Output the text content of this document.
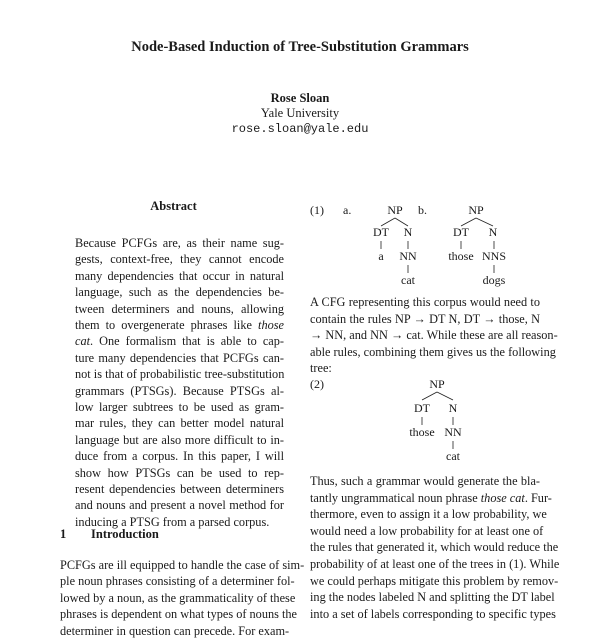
Node-Based Induction of Tree-Substitution Grammars
Rose Sloan
Yale University
rose.sloan@yale.edu
Abstract
Because PCFGs are, as their name sug-
gests, context-free, they cannot encode
many dependencies that occur in natural
language, such as the dependencies be-
tween determiners and nouns, allowing
them to overgenerate phrases like those
cat. One formalism that is able to cap-
ture many dependencies that PCFGs can-
not is that of probabilistic tree-substitution
grammars (PTSGs). Because PTSGs al-
low larger subtrees to be used as gram-
mar rules, they can better model natural
language but are also more difficult to in-
duce from a corpus. In this paper, I will
show how PTSGs can be used to rep-
resent dependencies between determiners
and nouns and present a novel method for
inducing a PTSG from a parsed corpus.
1 Introduction
PCFGs are ill equipped to handle the case of sim-
ple noun phrases consisting of a determiner fol-
lowed by a noun, as the grammaticality of these
phrases is dependent on what types of nouns the
determiner in question can precede. For exam-
(1) a.	NP
DT N
a NN
cat
b.	NP
DT N
those NNS
dogs
(2)	NP
DT N
those NN
cat
A CFG representing this corpus would need to
contain the rules NP → DT N, DT → those, N
→ NN, and NN → cat. While these are all reason-
able rules, combining them gives us the following
tree:
Thus, such a grammar would generate the bla-
tantly ungrammatical noun phrase those cat. Fur-
thermore, even to assign it a low probability, we
would need a low probability for at least one of
the rules that generated it, which would reduce the
probability of at least one of the trees in (1). While
we could perhaps mitigate this problem by remov-
ing the nodes labeled N and splitting the DT label
into a set of labels corresponding to specific types
